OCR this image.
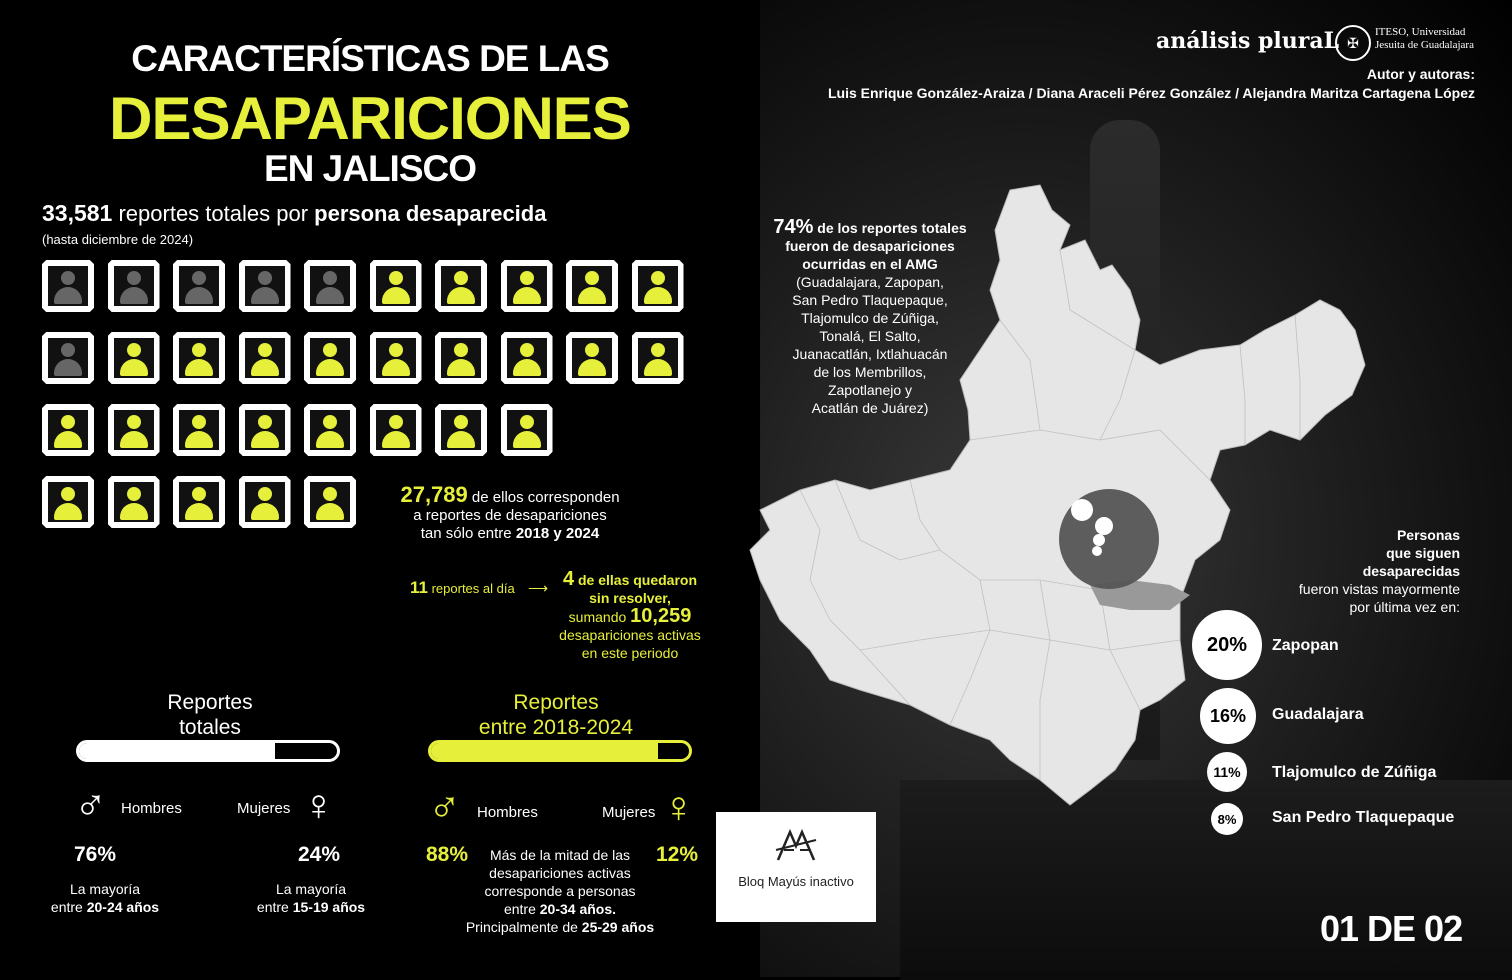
CARACTERÍSTICAS DE LAS
DESAPARICIONES
EN JALISCO
análisis pluraL ✠
ITESO, Universidad
Jesuita de Guadalajara
Autor y autoras:
Luis Enrique González-Araiza / Diana Araceli Pérez González / Alejandra Maritza Cartagena López
33,581 reportes totales por persona desaparecida
(hasta diciembre de 2024)
27,789 de ellos corresponden
a reportes de desapariciones
tan sólo entre 2018 y 2024
11 reportes al día ⟶ 4 de ellas quedaron
sin resolver,
sumando 10,259
desapariciones activas
en este periodo
Reportes
totales
♂ Hombres	Mujeres ♀
76%	24%
La mayoría
entre 20-24 años
La mayoría
entre 15-19 años
Reportes
entre 2018-2024
♂ Hombres	Mujeres ♀
88%	12%
Más de la mitad de las
desapariciones activas
corresponde a personas
entre 20-34 años.
Principalmente de 25-29 años
74% de los reportes totales
fueron de desapariciones
ocurridas en el AMG
(Guadalajara, Zapopan,
San Pedro Tlaquepaque,
Tlajomulco de Zúñiga,
Tonalá, El Salto,
Juanacatlán, Ixtlahuacán
de los Membrillos,
Zapotlanejo y
Acatlán de Juárez)
Personas
que siguen
desaparecidas
fueron vistas mayormente
por última vez en:
20%	Zapopan
16%	Guadalajara
11%	Tlajomulco de Zúñiga
8%	San Pedro Tlaquepaque
01 DE 02
Bloq Mayús inactivo
